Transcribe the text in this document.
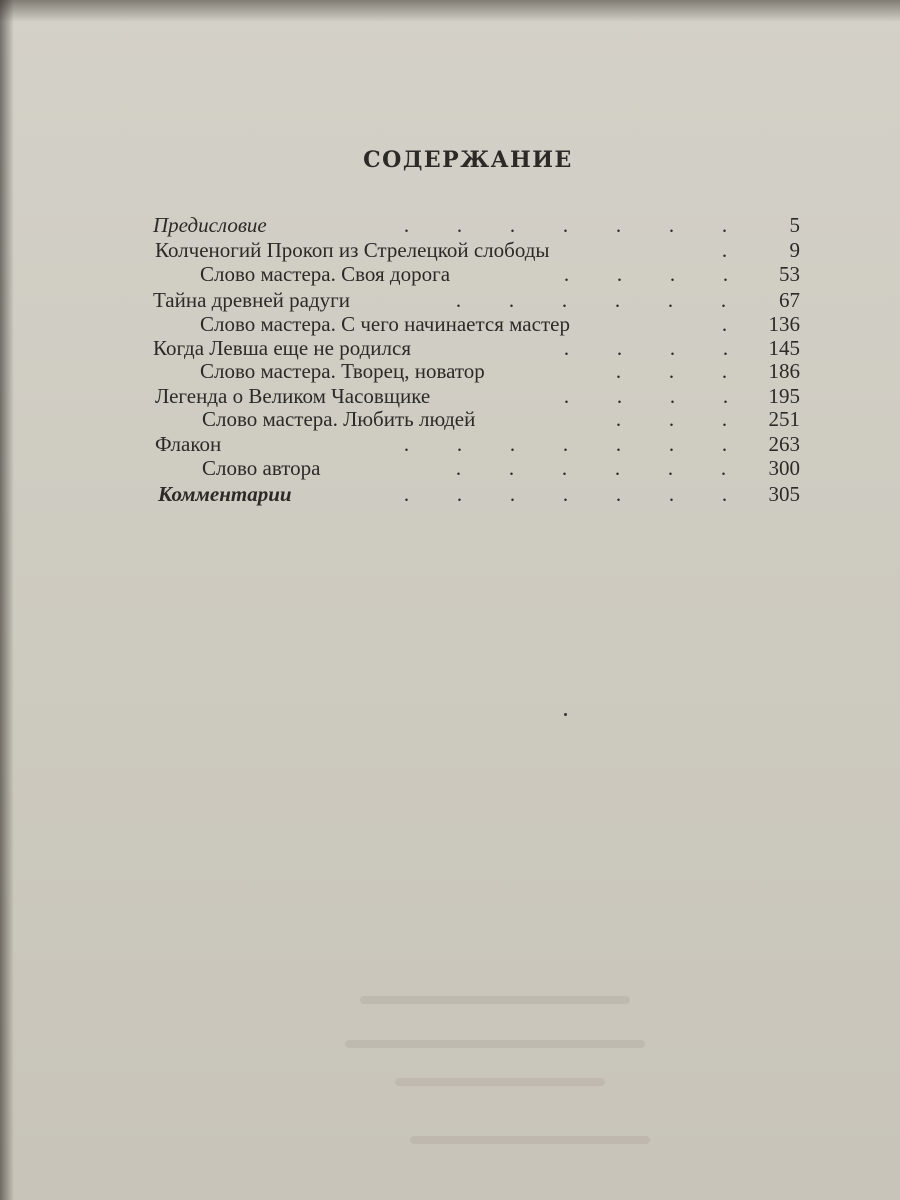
СОДЕРЖАНИЕ
Предисловие	. . . . . . .	5
Колченогий Прокоп из Стрелецкой слободы	.	9
Слово мастера. Своя дорога	. . . .	53
Тайна древней радуги	. . . . . .	67
Слово мастера. С чего начинается мастер	.	136
Когда Левша еще не родился	. . . .	145
Слово мастера. Творец, новатор	. . .	186
Легенда о Великом Часовщике	. . . .	195
Слово мастера. Любить людей	. . .	251
Флакон	. . . . . . .	263
Слово автора	. . . . . .	300
Комментарии	. . . . . . .	305
